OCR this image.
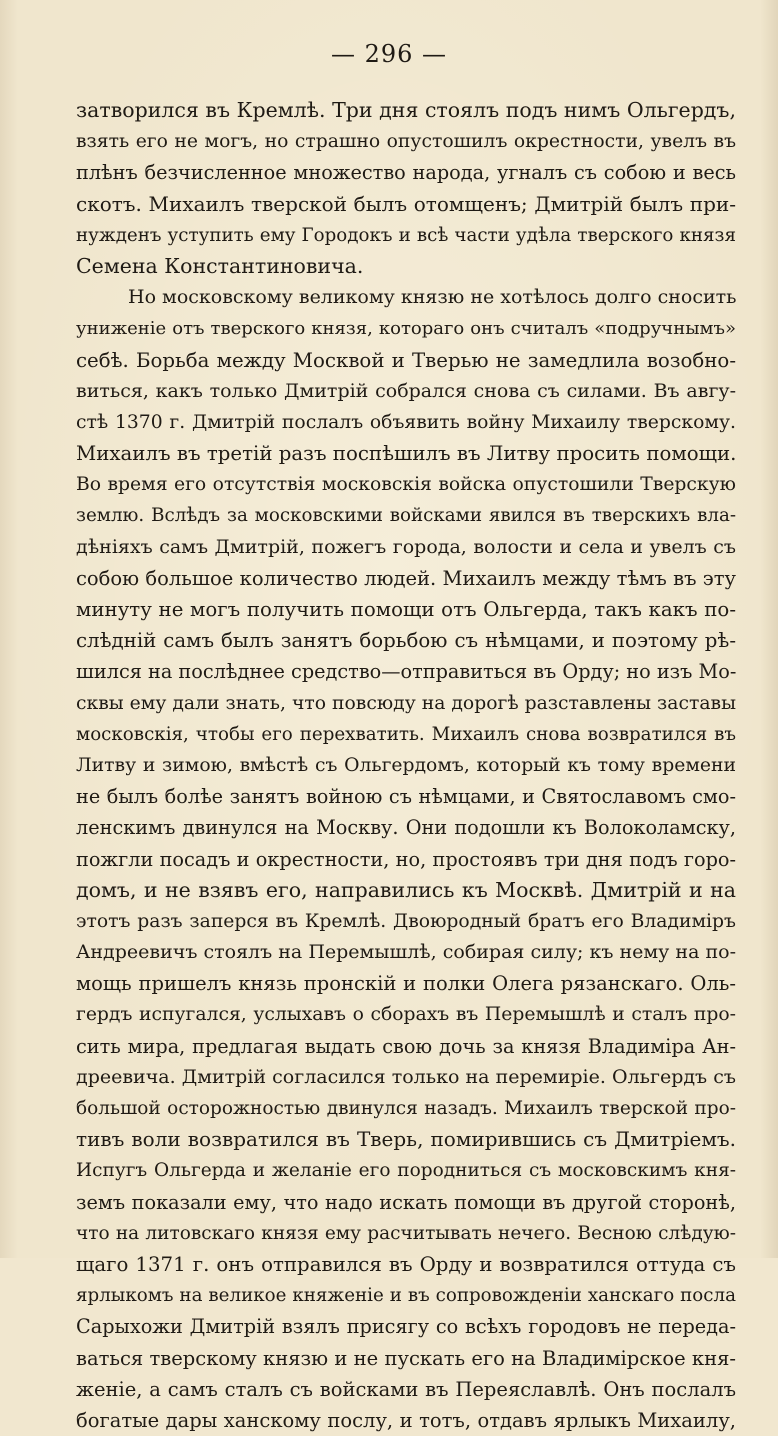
— 296 —
затворился въ Кремлѣ. Три дня стоялъ подъ нимъ Ольгердъ,
взять его не могъ, но страшно опустошилъ окрестности, увелъ въ
плѣнъ безчисленное множество народа, угналъ съ собою и весь
скотъ. Михаилъ тверской былъ отомщенъ; Дмитрій былъ при-
нужденъ уступить ему Городокъ и всѣ части удѣла тверского князя
Семена Константиновича.
Но московскому великому князю не хотѣлось долго сносить
униженіе отъ тверского князя, котораго онъ считалъ «подручнымъ»
себѣ. Борьба между Москвой и Тверью не замедлила возобно-
виться, какъ только Дмитрій собрался снова съ силами. Въ авгу-
стѣ 1370 г. Дмитрій послалъ объявить войну Михаилу тверскому.
Михаилъ въ третій разъ поспѣшилъ въ Литву просить помощи.
Во время его отсутствія московскія войска опустошили Тверскую
землю. Вслѣдъ за московскими войсками явился въ тверскихъ вла-
дѣніяхъ самъ Дмитрій, пожегъ города, волости и села и увелъ съ
собою большое количество людей. Михаилъ между тѣмъ въ эту
минуту не могъ получить помощи отъ Ольгерда, такъ какъ по-
слѣдній самъ былъ занятъ борьбою съ нѣмцами, и поэтому рѣ-
шился на послѣднее средство—отправиться въ Орду; но изъ Мо-
сквы ему дали знать, что повсюду на дорогѣ разставлены заставы
московскія, чтобы его перехватить. Михаилъ снова возвратился въ
Литву и зимою, вмѣстѣ съ Ольгердомъ, который къ тому времени
не былъ болѣе занятъ войною съ нѣмцами, и Святославомъ смо-
ленскимъ двинулся на Москву. Они подошли къ Волоколамску,
пожгли посадъ и окрестности, но, простоявъ три дня подъ горо-
домъ, и не взявъ его, направились къ Москвѣ. Дмитрій и на
этотъ разъ заперся въ Кремлѣ. Двоюродный братъ его Владиміръ
Андреевичъ стоялъ на Перемышлѣ, собирая силу; къ нему на по-
мощь пришелъ князь пронскій и полки Олега рязанскаго. Оль-
гердъ испугался, услыхавъ о сборахъ въ Перемышлѣ и сталъ про-
сить мира, предлагая выдать свою дочь за князя Владиміра Ан-
дреевича. Дмитрій согласился только на перемиріе. Ольгердъ съ
большой осторожностью двинулся назадъ. Михаилъ тверской про-
тивъ воли возвратился въ Тверь, помирившись съ Дмитріемъ.
Испугъ Ольгерда и желаніе его породниться съ московскимъ кня-
земъ показали ему, что надо искать помощи въ другой сторонѣ,
что на литовскаго князя ему расчитывать нечего. Весною слѣдую-
щаго 1371 г. онъ отправился въ Орду и возвратился оттуда съ
ярлыкомъ на великое княженіе и въ сопровожденіи ханскаго посла
Сарыхожи Дмитрій взялъ присягу со всѣхъ городовъ не переда-
ваться тверскому князю и не пускать его на Владимірское кня-
женіе, а самъ сталъ съ войсками въ Переяславлѣ. Онъ послалъ
богатые дары ханскому послу, и тотъ, отдавъ ярлыкъ Михаилу,
